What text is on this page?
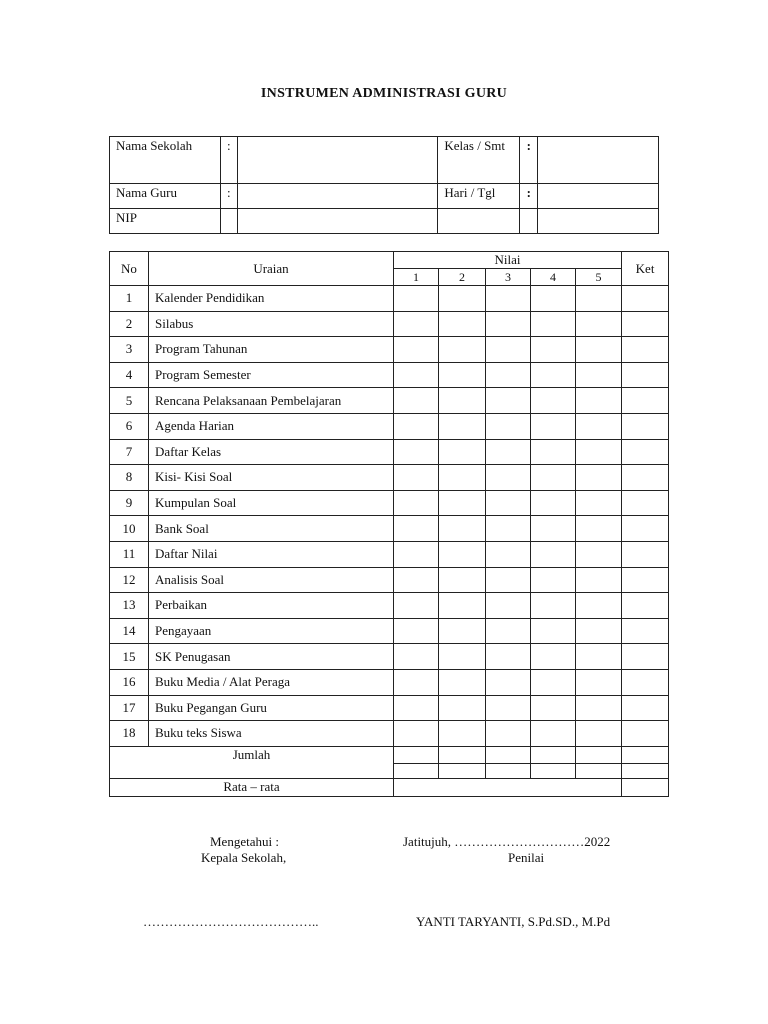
INSTRUMEN ADMINISTRASI GURU
Nama Sekolah	:		Kelas / Smt	:	
Nama Guru	:		Hari / Tgl	:	
NIP					
No	Uraian	Nilai					Ket
		1	2	3	4	5	
1	Kalender Pendidikan						
2	Silabus						
3	Program Tahunan						
4	Program Semester						
5	Rencana Pelaksanaan Pembelajaran						
6	Agenda Harian						
7	Daftar Kelas						
8	Kisi- Kisi Soal						
9	Kumpulan Soal						
10	Bank Soal						
11	Daftar Nilai						
12	Analisis Soal						
13	Perbaikan						
14	Pengayaan						
15	SK Penugasan						
16	Buku Media / Alat Peraga						
17	Buku Pegangan Guru						
18	Buku teks Siswa						
Jumlah							

Rata – rata							
Mengetahui :
Kepala Sekolah,
Jatitujuh, …………………………2022
Penilai
…………………………………..	YANTI TARYANTI, S.Pd.SD., M.Pd
